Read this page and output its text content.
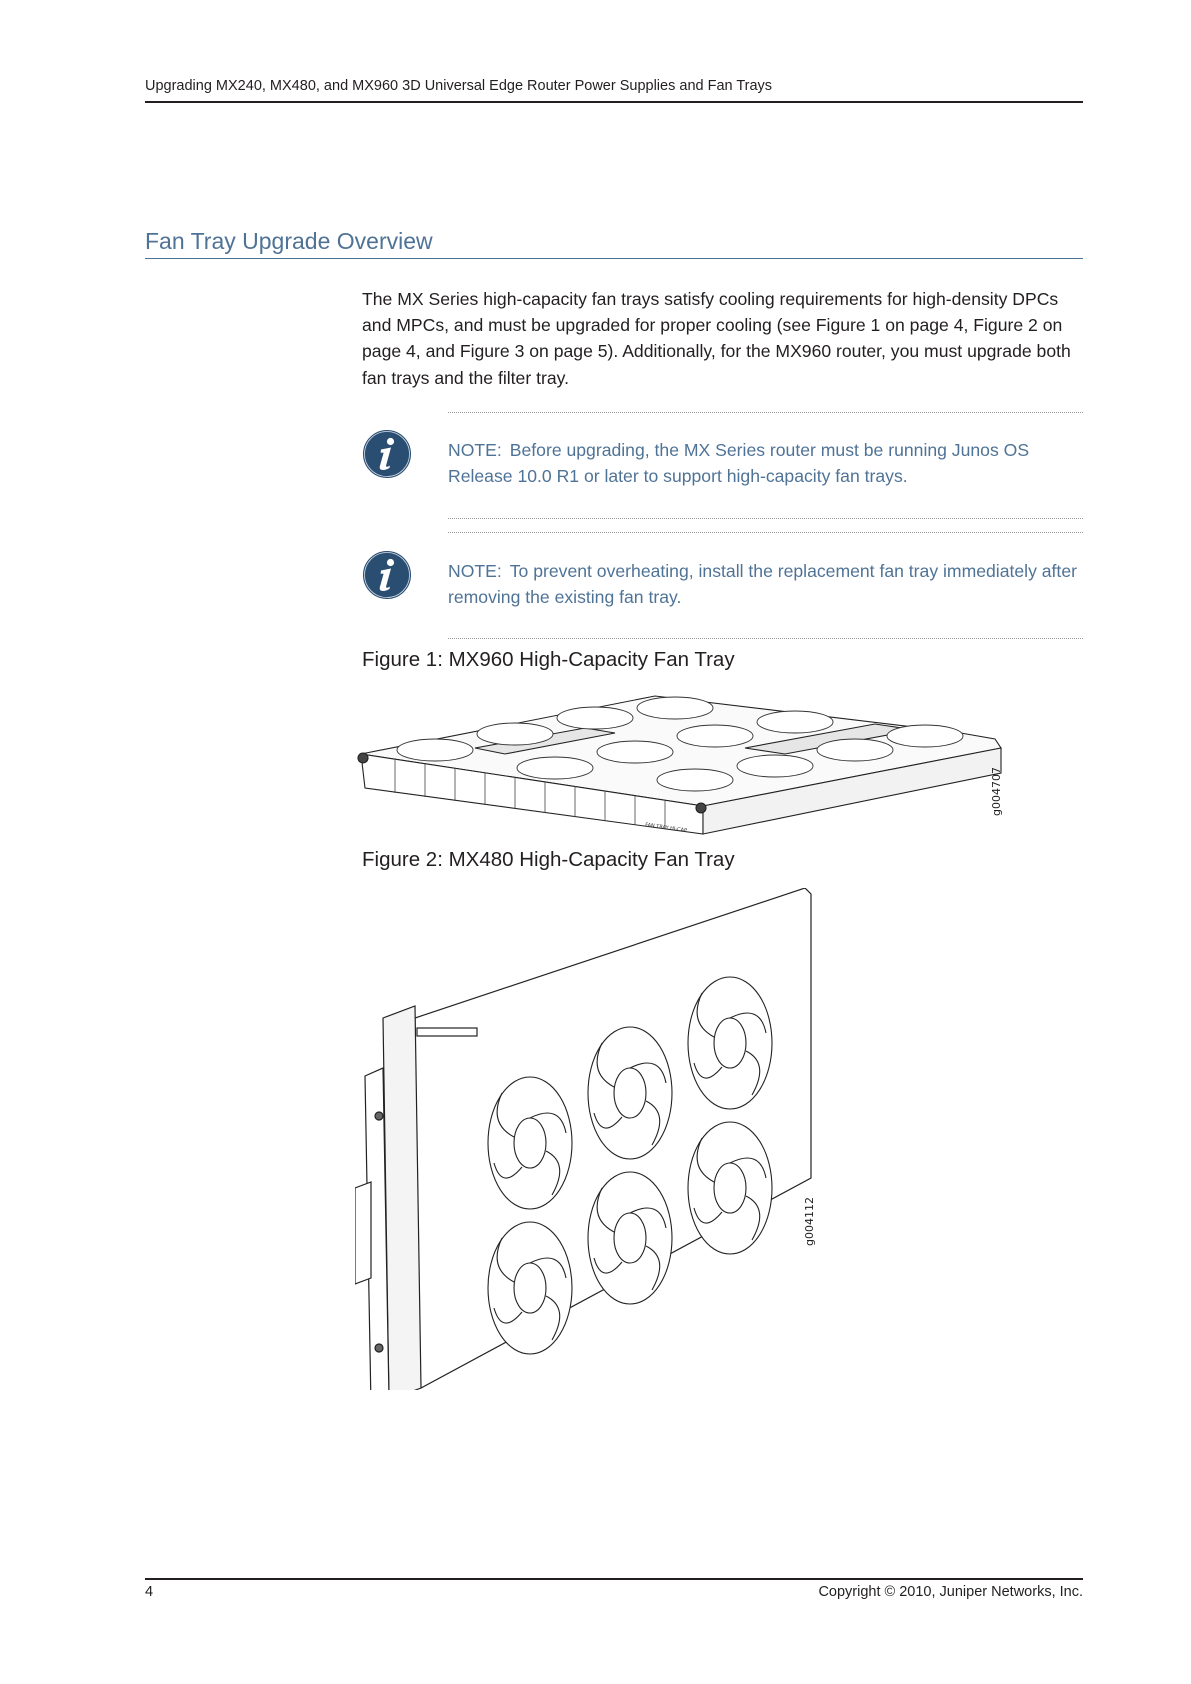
Upgrading MX240, MX480, and MX960 3D Universal Edge Router Power Supplies and Fan Trays
Fan Tray Upgrade Overview

The MX Series high-capacity fan trays satisfy cooling requirements for high-density DPCs and MPCs, and must be upgraded for proper cooling (see Figure 1 on page 4, Figure 2 on page 4, and Figure 3 on page 5). Additionally, for the MX960 router, you must upgrade both fan trays and the filter tray.

NOTE: Before upgrading, the MX Series router must be running Junos OS Release 10.0 R1 or later to support high-capacity fan trays.

NOTE: To prevent overheating, install the replacement fan tray immediately after removing the existing fan tray.

Figure 1: MX960 High-Capacity Fan Tray
FAN TRAY HI-CAP
g004707
Figure 2: MX480 High-Capacity Fan Tray
g004112
4	Copyright © 2010, Juniper Networks, Inc.
